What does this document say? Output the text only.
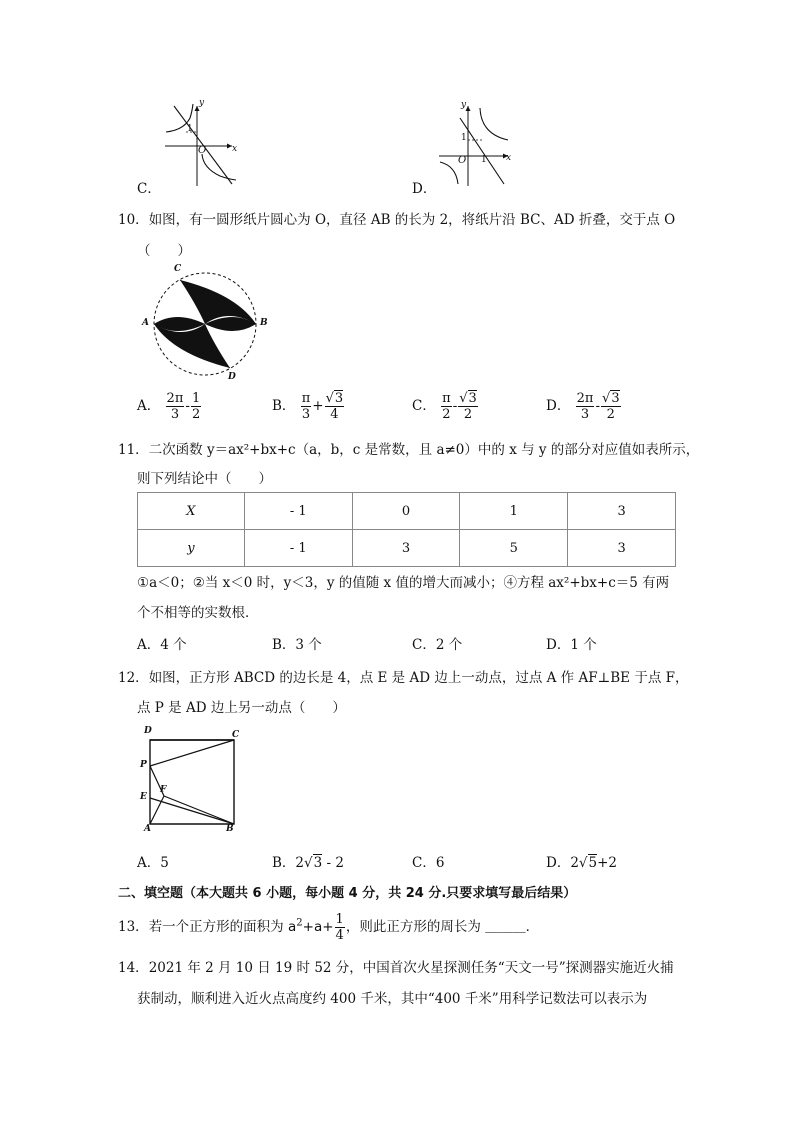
y
x
O
1
C．
y
x
O 1
1
D．
10．如图，有一圆形纸片圆心为 O，直径 AB 的长为 2，将纸片沿 BC、AD 折叠，交于点 O
（　　）
C
A	B
D
A． $\frac{2\pi}{3} - \frac{1}{2}$	B． $\frac{\pi}{3} + \frac{√3}{4}$	C． $\frac{\pi}{2} - \frac{√3}{2}$	D． $\frac{2\pi}{3} - \frac{√3}{2}$
11．二次函数 y＝ax²+bx+c（a，b，c 是常数，且 a≠0）中的 x 与 y 的部分对应值如表所示，
则下列结论中（　　）
X	- 1	0	1	3
y	- 1	3	5	3
①a＜0；②当 x＜0 时，y＜3，y 的值随 x 值的增大而减小；④方程 ax²+bx+c＝5 有两
个不相等的实数根．
A．4 个	B．3 个	C．2 个	D．1 个
12．如图，正方形 ABCD 的边长是 4，点 E 是 AD 边上一动点，过点 A 作 AF⊥BE 于点 F，
点 P 是 AD 边上另一动点（　　）
D	C
P
E
F
A	B
A．5	B．2√3 - 2	C．6	D．2√5+2
二、填空题（本大题共 6 小题，每小题 4 分，共 24 分.只要求填写最后结果）
13．若一个正方形的面积为 $a^2+a+ \frac{1}{4}$ ，则此正方形的周长为 ＿＿＿．
14．2021 年 2 月 10 日 19 时 52 分，中国首次火星探测任务“天文一号”探测器实施近火捕
获制动，顺利进入近火点高度约 400 千米，其中“400 千米”用科学记数法可以表示为
